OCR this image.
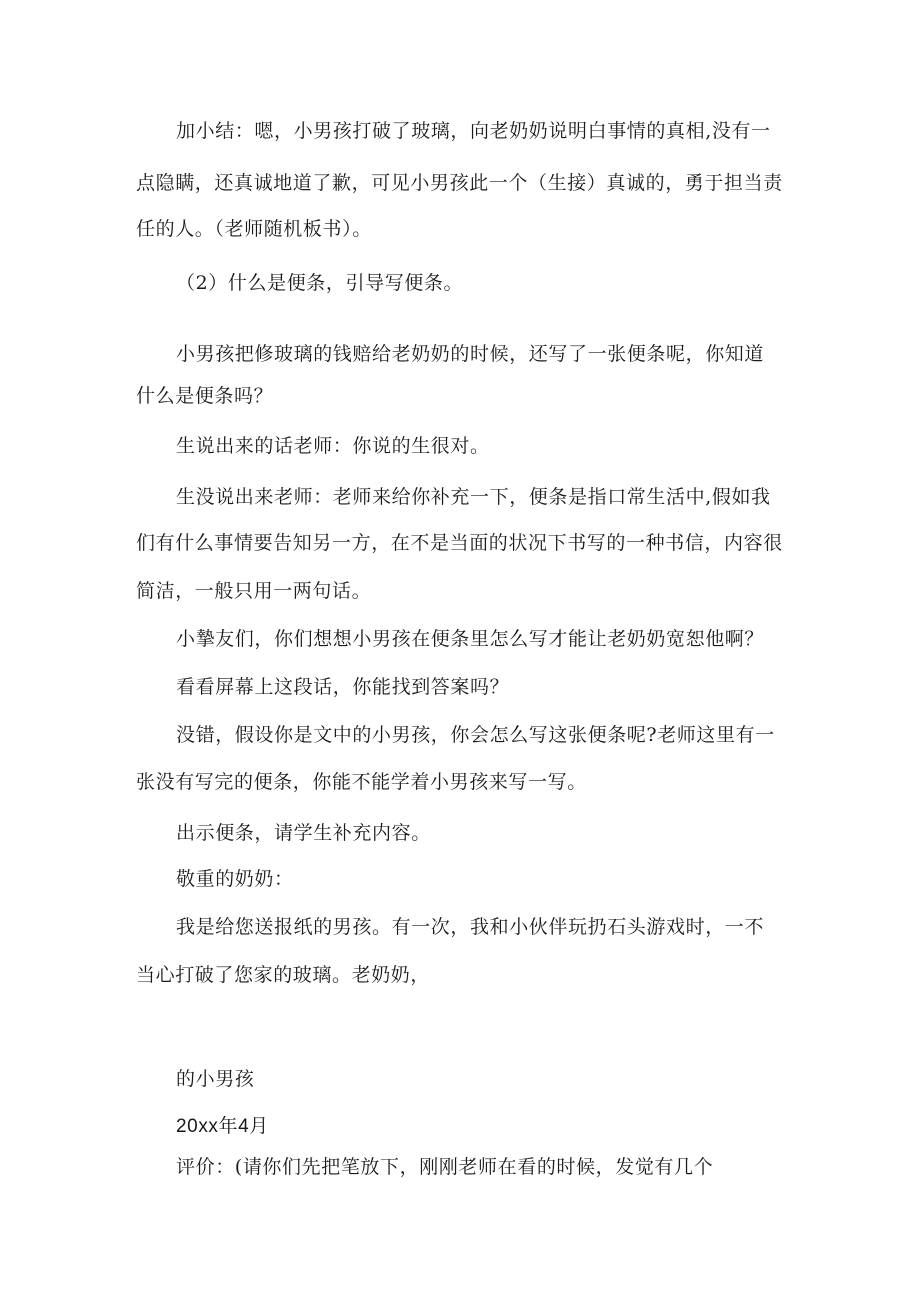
加小结：嗯，小男孩打破了玻璃，向老奶奶说明白事情的真相,没有一
点隐瞒，还真诚地道了歉，可见小男孩此一个（生接）真诚的，勇于担当责
任的人。（老师随机板书）。
（2）什么是便条，引导写便条。
小男孩把修玻璃的钱赔给老奶奶的时候，还写了一张便条呢，你知道
什么是便条吗？
生说出来的话老师：你说的生很对。
生没说出来老师：老师来给你补充一下，便条是指口常生活中,假如我
们有什么事情要告知另一方，在不是当面的状况下书写的一种书信，内容很
简洁，一般只用一两句话。
小摯友们，你们想想小男孩在便条里怎么写才能让老奶奶宽恕他啊？
看看屏幕上这段话，你能找到答案吗？
没错，假设你是文中的小男孩，你会怎么写这张便条呢?老师这里有一
张没有写完的便条，你能不能学着小男孩来写一写。
出示便条，请学生补充内容。
敬重的奶奶：
我是给您送报纸的男孩。有一次，我和小伙伴玩扔石头游戏时，一不
当心打破了您家的玻璃。老奶奶，
的小男孩
20xx年4月
评价：(请你们先把笔放下，刚刚老师在看的时候，发觉有几个
